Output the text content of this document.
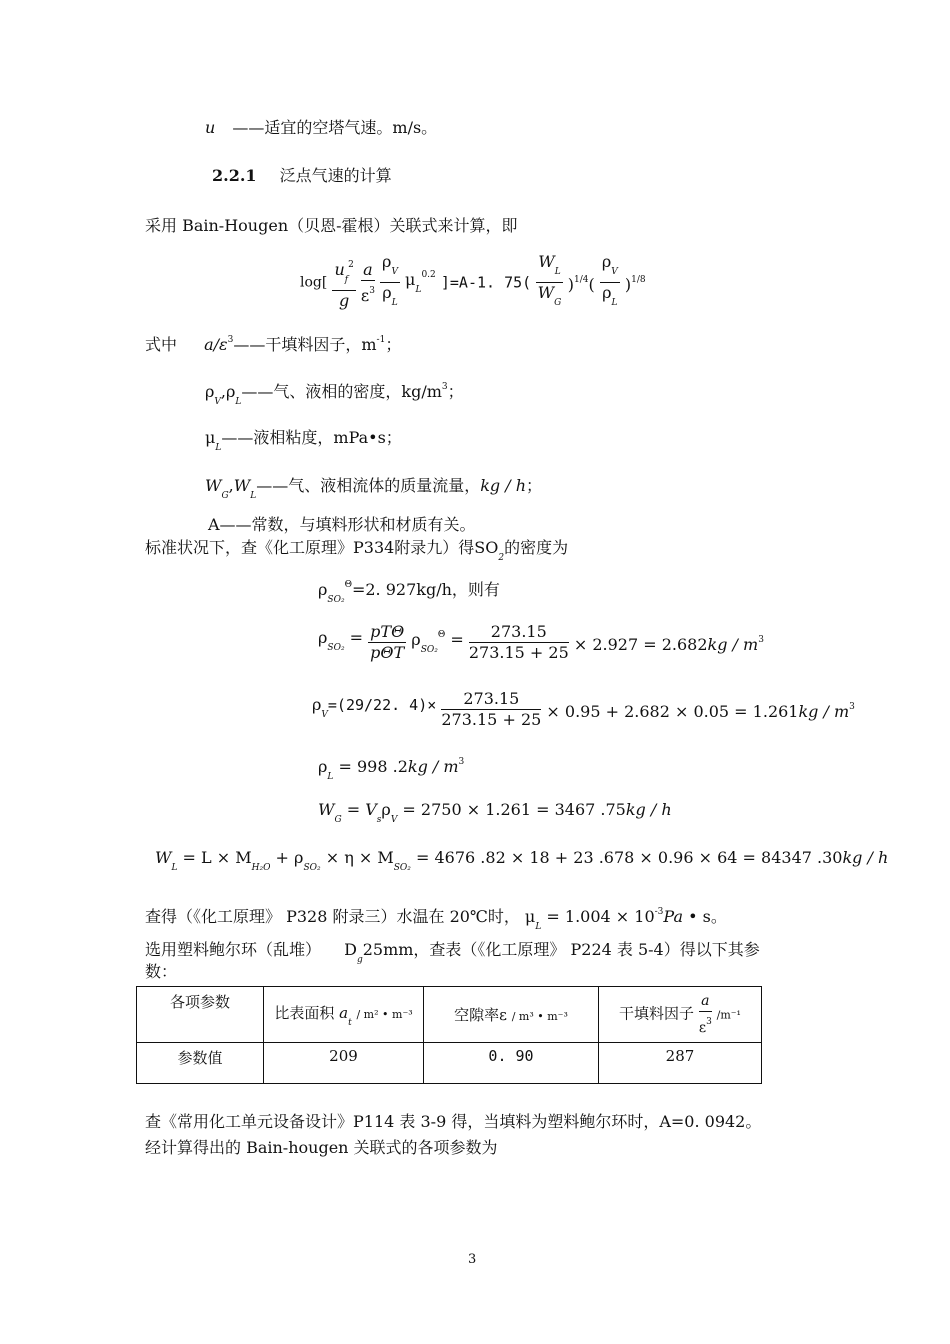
u ——适宜的空塔气速。m/s。
2.2.1 泛点气速的计算
采用 Bain-Hougen（贝恩-霍根）关联式来计算，即
$\log[ \frac{u_f^2}{g}$
$\frac{a}{\varepsilon^3}$
$\frac{\rho_V}{\rho_L} \mu_L^{0.2}$ ]=A-1. $75( \frac{W_L}{W_G} )^{1/4}( \frac{\rho_V}{\rho_L} )^{1/8}$
式中 $a/\varepsilon^3——$干填料因子，$m^{-1}$；
$\rho_V,\rho_L——$气、液相的密度，$kg/m^3$；
$\mu_L——$液相粘度，mPa•s；
$W_G,W_L——$气、液相流体的质量流量，kg / h；
A——常数，与填料形状和材质有关。
标准状况下，查《化工原理》P334附录九）得$SO_2$的密度为
$\rho_{SO_2}^\Theta=2$. 927kg/h，则有
$\rho_{SO_2} = \frac{\text{pTΘ}}{\text{pΘT}} \rho_{SO_2}^\Theta = \frac{273.15}{273.15 + 25} \times 2.927 = 2.682kg / m^3$
$\rho_V=(29/22$. $4)\times \frac{273.15}{273.15 + 25} \times 0.95 + 2.682 \times 0.05 = 1.261kg / m^3$
$\rho_L = 998$ $.2kg / m^3$
$W_G = V_s\rho_V = 2750 \times 1.261 = 3467$ .75kg / h
$W_L = L \times M_{H_2O} + \rho_{SO_2} \times \eta \times M_{SO_2} = 4676$ .82 × 18 + 23 .678 × 0.96 × 64 = 84347 .30kg / h
查得（《化工原理》 P328 附录三）水温在 20℃时， $\mu_L = 1.004 \times 10^{-3}Pa$ • s。
选用塑料鲍尔环（乱堆） $D_g25mm$，查表（《化工原理》 P224 表 5-4）得以下其参
数：
各项参数	比表面积 $a_t / m^2$ • m⁻³	空隙率ε / m³ • m⁻³	干填料因子 $\frac{a}{\varepsilon^3} /m^{-1}$
参数值	209	0. 90	287
查《常用化工单元设备设计》P114 表 3-9 得，当填料为塑料鲍尔环时，A=0. 0942。
经计算得出的 Bain-hougen 关联式的各项参数为
3
